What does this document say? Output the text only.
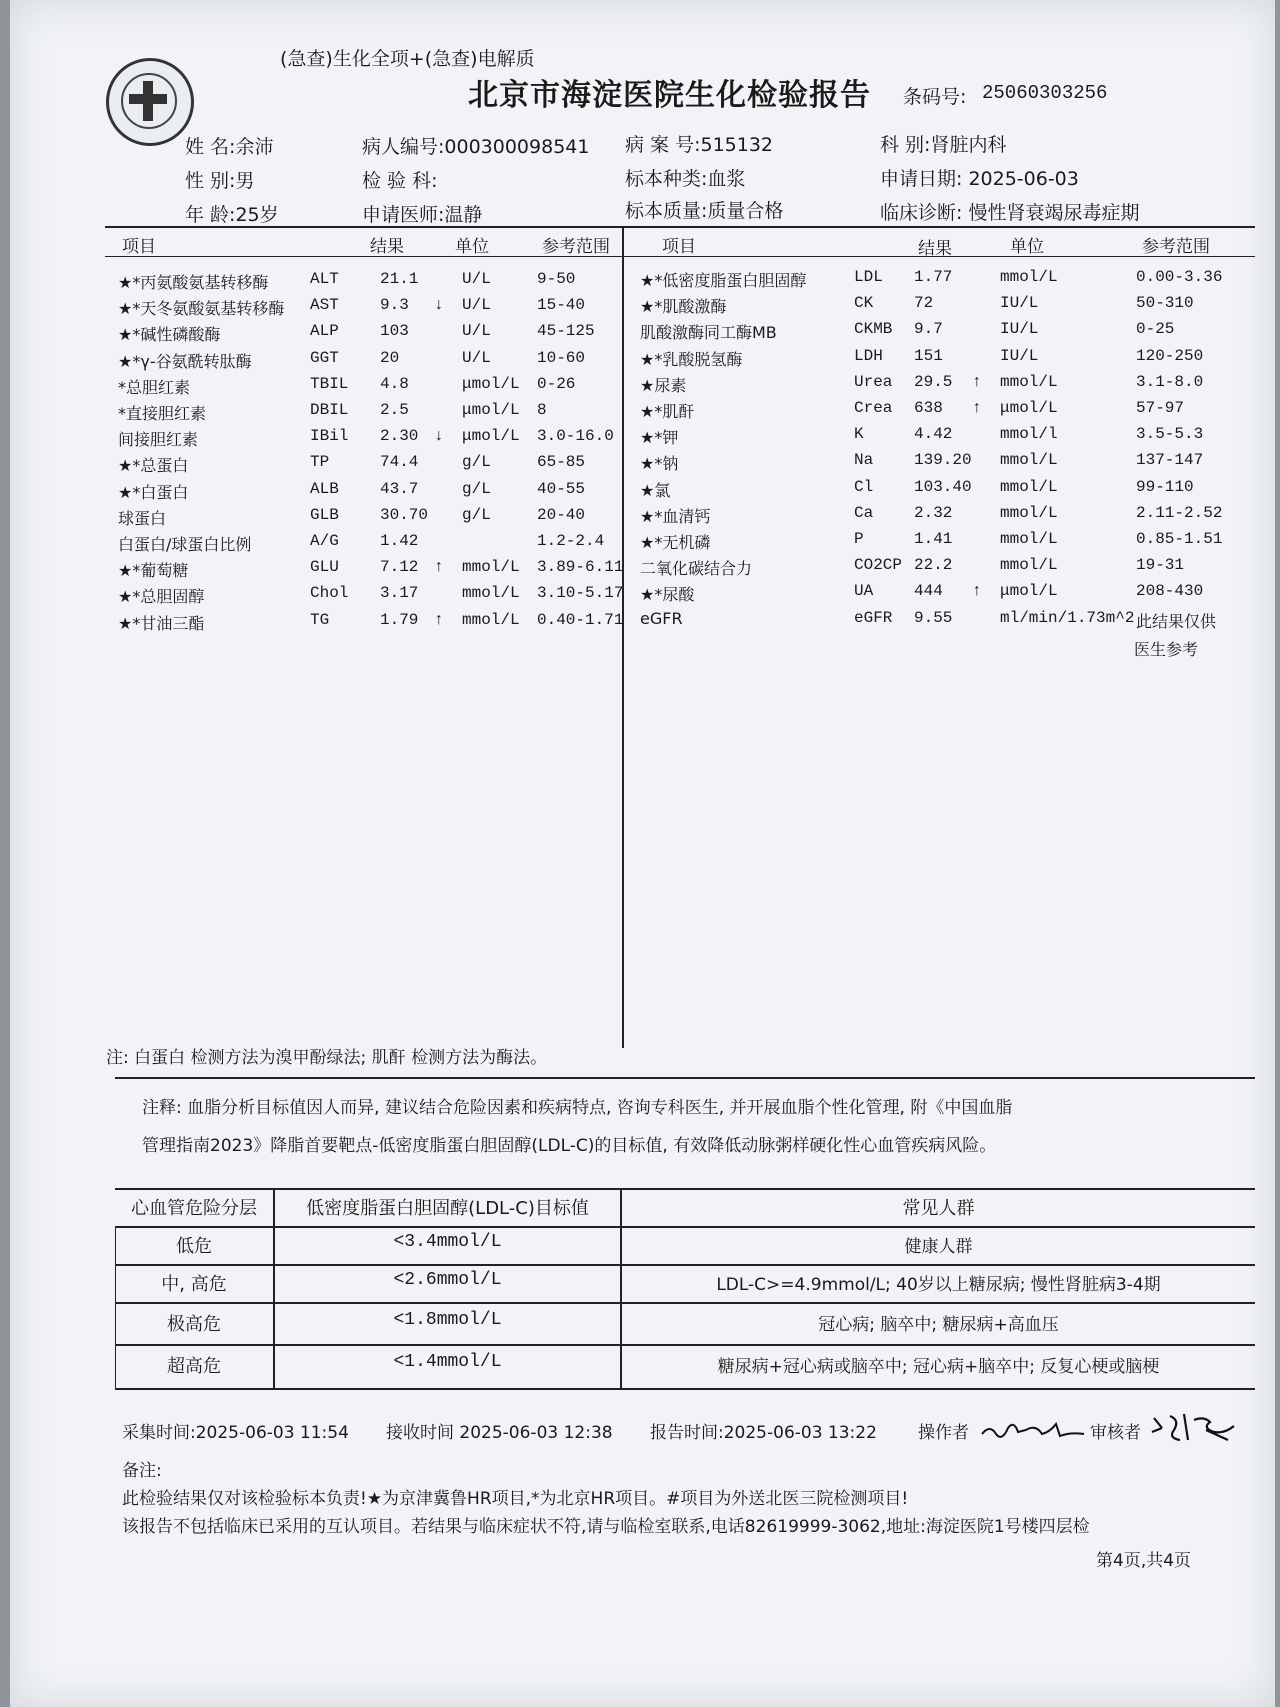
(急查)生化全项+(急查)电解质
北京市海淀医院生化检验报告 条码号: 25060303256
姓 名:余沛	病人编号:000300098541 病 案 号:515132	科 别:肾脏内科
性 别:男	检 验 科:	标本种类:血浆	申请日期: 2025-06-03
年 龄:25岁	申请医师:温静	标本质量:质量合格	临床诊断: 慢性肾衰竭尿毒症期
项目	结果	单位	参考范围	项目	结果	单位	参考范围
★*丙氨酸氨基转移酶	ALT	21.1	U/L	9-50
★*天冬氨酸氨基转移酶 AST	9.3 ↓ U/L	15-40
★*碱性磷酸酶	ALP	103	U/L	45-125
★*γ-谷氨酰转肽酶	GGT	20	U/L	10-60
*总胆红素	TBIL 4.8	μmol/L 0-26
*直接胆红素	DBIL 2.5	μmol/L 8
间接胆红素	IBil 2.30 ↓ μmol/L 3.0-16.0
★*总蛋白	TP	74.4	g/L	65-85
★*白蛋白	ALB	43.7	g/L	40-55
球蛋白	GLB	30.70 g/L	20-40
白蛋白/球蛋白比例	A/G	1.42	1.2-2.4
★*葡萄糖	GLU	7.12 ↑ mmol/L 3.89-6.11
★*总胆固醇	Chol 3.17	mmol/L 3.10-5.17
★*甘油三酯	TG	1.79 ↑ mmol/L 0.40-1.71
★*低密度脂蛋白胆固醇	LDL 1.77	mmol/L	0.00-3.36
★*肌酸激酶	CK	72	IU/L	50-310
肌酸激酶同工酶MB	CKMB 9.7	IU/L	0-25
★*乳酸脱氢酶	LDH 151	IU/L	120-250
★尿素	Urea 29.5 ↑ mmol/L	3.1-8.0
★*肌酐	Crea 638 ↑ μmol/L	57-97
★*钾	K	4.42	mmol/l	3.5-5.3
★*钠	Na	139.20 mmol/L	137-147
★氯	Cl	103.40 mmol/L	99-110
★*血清钙	Ca	2.32	mmol/L	2.11-2.52
★*无机磷	P	1.41	mmol/L	0.85-1.51
二氧化碳结合力	CO2CP 22.2	mmol/L	19-31
★*尿酸	UA	444 ↑ μmol/L	208-430
eGFR	eGFR 9.55	ml/min/1.73m^2 此结果仅供
医生参考
注: 白蛋白 检测方法为溴甲酚绿法; 肌酐 检测方法为酶法。
注释: 血脂分析目标值因人而异, 建议结合危险因素和疾病特点, 咨询专科医生, 并开展血脂个性化管理, 附《中国血脂
管理指南2023》降脂首要靶点-低密度脂蛋白胆固醇(LDL-C)的目标值, 有效降低动脉粥样硬化性心血管疾病风险。
心血管危险分层	低密度脂蛋白胆固醇(LDL-C)目标值	常见人群
低危	<3.4mmol/L	健康人群
中, 高危	<2.6mmol/L	LDL-C>=4.9mmol/L; 40岁以上糖尿病; 慢性肾脏病3-4期
极高危	<1.8mmol/L	冠心病; 脑卒中; 糖尿病+高血压
超高危	<1.4mmol/L	糖尿病+冠心病或脑卒中; 冠心病+脑卒中; 反复心梗或脑梗
采集时间:2025-06-03 11:54 接收时间 2025-06-03 12:38 报告时间:2025-06-03 13:22 操作者	审核者
备注:
此检验结果仅对该检验标本负责!★为京津冀鲁HR项目,*为北京HR项目。#项目为外送北医三院检测项目!
该报告不包括临床已采用的互认项目。若结果与临床症状不符,请与临检室联系,电话82619999-3062,地址:海淀医院1号楼四层检
第4页,共4页
